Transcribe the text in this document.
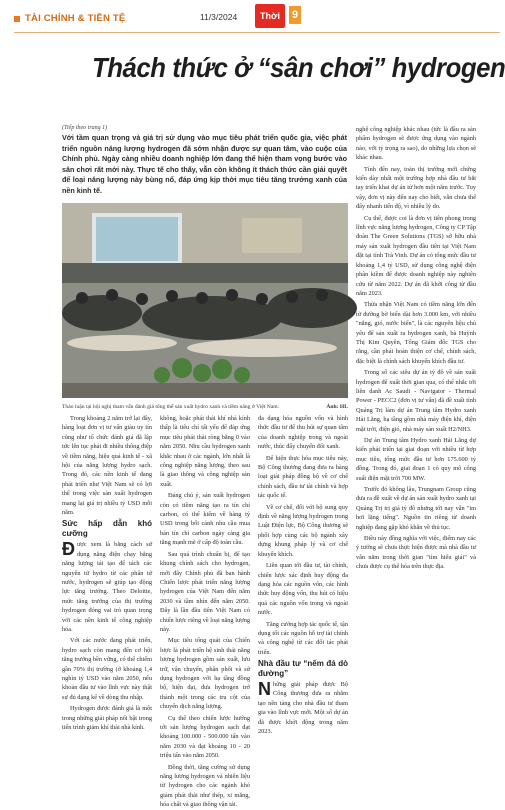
TÀI CHÍNH & TIỀN TỆ	11/3/2024	Thời Báo
9
Thách thức ở “sân chơi” hydrogen
(Tiếp theo trang 1)
Với tầm quan trọng và giá trị sử dụng vào mục tiêu phát triển quốc gia, việc phát triển nguồn năng lượng hydrogen đã sớm nhận được sự quan tâm, vào cuộc của Chính phủ. Ngày càng nhiều doanh nghiệp lớn đang thể hiện tham vọng bước vào sân chơi rất mới này. Thực tế cho thấy, vẫn còn không ít thách thức cần giải quyết để loại năng lượng này bùng nổ, đáp ứng kịp thời mục tiêu tăng trưởng xanh của nền kinh tế.
Thảo luận tại hội nghị tham vấn đánh giá tổng thể sản xuất hydro xanh và tiềm năng ở Việt Nam.	Ảnh: HL

Trong khoảng 2 năm trở lại đây, hàng loạt đơn vị tư vấn giàu uy tín cũng như tổ chức đánh giá đã lập tức lên tục phát đi nhiều thông điệp về tiềm năng, hiệu quả kinh tế - xã hội của năng lượng hydro sạch. Trong đó, các nền kinh tế đang phát triển như Việt Nam sẽ có lợi thế trong việc sản xuất hydrogen mang lại giá trị nhiều tỷ USD mỗi năm.

Sức hấp dẫn khó cưỡng

Được xem là bằng cách sử dụng năng điện chạy bằng năng lượng tái tạo để tách các nguyên tử hydro từ các phân tử nước, hydrogen sẽ giúp tạo động lực tăng trưởng. Theo Deloitte, mức tăng trưởng của thị trường hydrogen đóng vai trò quan trọng với các nền kinh tế công nghiệp hóa.

Với các nước đang phát triển, hydro sạch còn mang đến cơ hội tăng trưởng bền vững, có thể chiếm gần 70% thị trường (ở khoảng 1,4 nghìn tỷ USD vào năm 2050, nếu khoản đầu tư vào lĩnh vực này thật sự đủ dạng kể về dòng thu nhập.

Hydrogen được đánh giá là một trong những giải pháp nổi bật trong tiến trình giảm khí thải nhà kính.

không, hoặc phát thải khí nhà kính thấp là tiêu chí tất yếu để đáp ứng mục tiêu phát thải ròng bằng 0 vào năm 2050. Nhu cầu hydrogen xanh khắc nhau ở các ngành, lớn nhất là công nghiệp năng lượng, theo sau là giao thông và công nghiệp sản xuất.

Đáng chú ý, sản xuất hydrogen còn có tiềm năng tạo ra tín chỉ carbon, có thể kiếm về hàng tỷ USD trong bối cảnh nhu cầu mua bán tín chỉ carbon ngày càng gia tăng mạnh mẽ ở cấp độ toàn cầu.

Sau quá trình chuẩn bị, để tạo khung chính sách cho hydrogen, mới đây Chính phủ đã ban hành Chiến lược phát triển năng lượng hydrogen của Việt Nam đến năm 2030 và tầm nhìn đến năm 2050. Đây là lần đầu tiên Việt Nam có chiến lược riêng về loại năng lượng này.

Mục tiêu tổng quát của Chiến lược là phát triển hệ sinh thái năng lượng hydrogen gồm sản xuất, lưu trữ, vận chuyển, phân phối và sử dụng hydrogen với hạ tầng đồng bộ, hiện đại, đưa hydrogen trở thành một trong các trụ cột của chuyển dịch năng lượng.

Cụ thể theo chiến lược hướng tới sản lượng hydrogen sạch đạt khoảng 100.000 - 500.000 tấn vào năm 2030 và đạt khoảng 10 - 20 triệu tấn vào năm 2050.

Đồng thời, tăng cường sử dụng năng lượng hydrogen và nhiên liệu từ hydrogen cho các ngành khó giảm phát thải như thép, xi măng, hóa chất và giao thông vận tải.

đa dạng hóa nguồn vốn và hình thức đầu tư để thu hút sự quan tâm của doanh nghiệp trong và ngoài nước, thúc đẩy chuyển đổi xanh.

Để hiện thực hóa mục tiêu này, Bộ Công thương đang đưa ra hàng loạt giải pháp đồng bộ về cơ chế chính sách, đầu tư tài chính và hợp tác quốc tế.

Về cơ chế, đối với bộ sung quy định về năng lượng hydrogen trong Luật Điện lực, Bộ Công thương sẽ phối hợp cùng các bộ ngành xây dựng khung pháp lý và cơ chế khuyến khích.

Liên quan tới đầu tư, tài chính, chiến lược xác định huy động đa dạng hóa các nguồn vốn, các hình thức huy động vốn, thu hút có hiệu quả các nguồn vốn trong và ngoài nước.

Tăng cường hợp tác quốc tế, tận dụng tốt các nguồn hỗ trợ tài chính và công nghệ từ các đối tác phát triển.

Nhà đầu tư “nếm đá dò đường”

Những giải pháp được Bộ Công thương đưa ra nhằm tạo nền tảng cho nhà đầu tư tham gia vào lĩnh vực mới. Một số dự án đã được khởi động trong năm 2023.

nghệ công nghiệp khác nhau (tức là đầu ra sản phẩm hydrogen sẽ được ứng dụng vào ngành nào, với tỷ trọng ra sao), do những lựa chọn sẽ khác nhau.

Tính đến nay, toàn thị trường mới chứng kiến dày nhất một trường hợp nhà đầu tư bắt tay triển khai dự án từ hơn một năm trước. Tuy vậy, đơn vị này đến nay cho biết, vẫn chưa thể đẩy nhanh tiến độ, vì nhiều lý do.

Cụ thể, được coi là đơn vị tiên phong trong lĩnh vực năng lượng hydrogen, Công ty CP Tập đoàn The Green Solutions (TGS) sở hữu nhà máy sản xuất hydrogen đầu tiên tại Việt Nam đặt tại tỉnh Trà Vinh. Dự án có tổng mức đầu tư khoảng 1,4 tỷ USD, sử dụng công nghệ điện phân kiềm để được doanh nghiệp này nghiên cứu từ năm 2022. Dự án đã khởi công từ đầu năm 2023.

Thừa nhận Việt Nam có tiềm năng lớn đến từ đường bờ biển dài hơn 3.000 km, với nhiều "nắng, gió, nước biển", là các nguyên liệu chủ yếu để sản xuất ra hydrogen xanh, bà Huỳnh Thị Kim Quyên, Tổng Giám đốc TGS cho rằng, cần phải hoàn thiện cơ chế, chính sách, đặc biệt là chính sách khuyến khích đầu tư.

Trong số các siêu dự án tỷ đô về sản xuất hydrogen để xuất thời gian qua, có thể nhắc tới liên danh Ac Saudi - Navigator - Thermal Power - PECC2 (đơn vị tư vấn) đã đề xuất tỉnh Quảng Trị làm dự án Trung tâm Hydro xanh Hải Lăng, hạ tầng gồm nhà máy điện khí, điện mặt trời, điện gió, nhà máy sản xuất H2/NH3.

Dự án Trung tâm Hydro xanh Hải Lăng dự kiến phát triển tại giai đoạn với nhiều từ hợp mục tiêu, tổng mức đầu tư hơn 175.600 tỷ đồng. Trong đó, giai đoạn 1 có quy mô công suất điện mặt trời 700 MW.

Trước đó không lâu, Trungnam Group cũng đưa ra đề xuất về dự án sản xuất hydro xanh tại Quảng Trị trị giá tỷ đô nhưng tới nay vẫn "im hơi lặng tiếng". Nguồn tin riêng từ doanh nghiệp đang gặp khó khăn về thủ tục.

Điều này đồng nghĩa với việc, điểm nay các ý tưởng sẽ chưa thực hiện được mà nhà đầu tư vẫn nằm trong thời gian "tìm hiểu giải" và chưa được cụ thể hóa trên thực địa.
